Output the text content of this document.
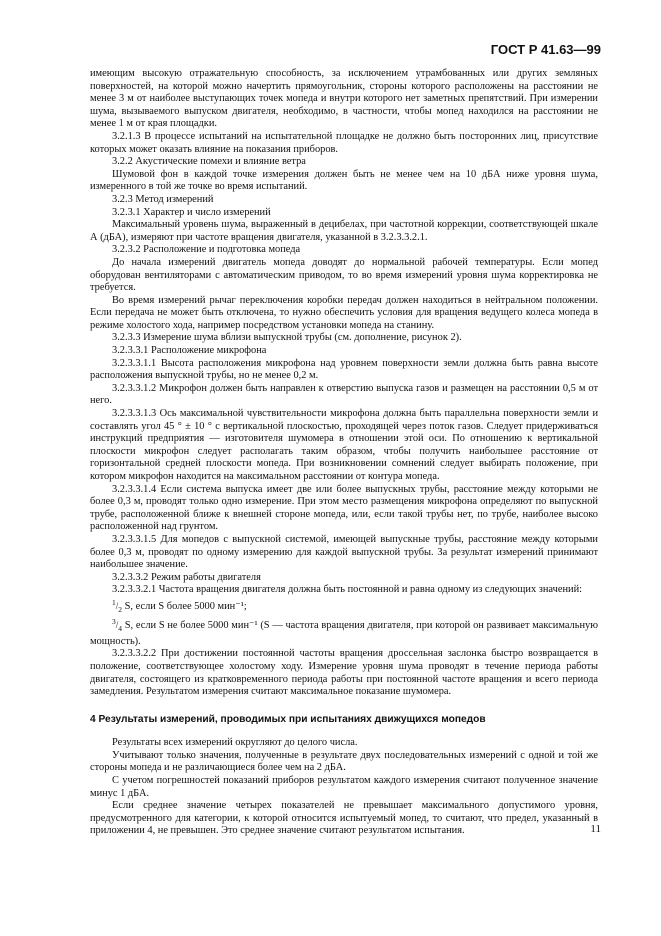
ГОСТ Р 41.63—99

имеющим высокую отражательную способность, за исключением утрамбованных или других земляных поверхностей, на которой можно начертить прямоугольник, стороны которого расположены на расстоянии не менее 3 м от наиболее выступающих точек мопеда и внутри которого нет заметных препятствий. При измерении шума, вызываемого выпуском двигателя, необходимо, в частности, чтобы мопед находился на расстоянии не менее 1 м от края площадки.

3.2.1.3 В процессе испытаний на испытательной площадке не должно быть посторонних лиц, присутствие которых может оказать влияние на показания приборов.

3.2.2 Акустические помехи и влияние ветра

Шумовой фон в каждой точке измерения должен быть не менее чем на 10 дБА ниже уровня шума, измеренного в той же точке во время испытаний.

3.2.3 Метод измерений

3.2.3.1 Характер и число измерений

Максимальный уровень шума, выраженный в децибелах, при частотной коррекции, соответствующей шкале А (дБА), измеряют при частоте вращения двигателя, указанной в 3.2.3.3.2.1.

3.2.3.2 Расположение и подготовка мопеда

До начала измерений двигатель мопеда доводят до нормальной рабочей температуры. Если мопед оборудован вентиляторами с автоматическим приводом, то во время измерений уровня шума корректировка не требуется.

Во время измерений рычаг переключения коробки передач должен находиться в нейтральном положении. Если передача не может быть отключена, то нужно обеспечить условия для вращения ведущего колеса мопеда в режиме холостого хода, например посредством установки мопеда на станину.

3.2.3.3 Измерение шума вблизи выпускной трубы (см. дополнение, рисунок 2).

3.2.3.3.1 Расположение микрофона

3.2.3.3.1.1 Высота расположения микрофона над уровнем поверхности земли должна быть равна высоте расположения выпускной трубы, но не менее 0,2 м.

3.2.3.3.1.2 Микрофон должен быть направлен к отверстию выпуска газов и размещен на расстоянии 0,5 м от него.

3.2.3.3.1.3 Ось максимальной чувствительности микрофона должна быть параллельна поверхности земли и составлять угол 45 ° ± 10 ° с вертикальной плоскостью, проходящей через поток газов. Следует придерживаться инструкций предприятия — изготовителя шумомера в отношении этой оси. По отношению к вертикальной плоскости микрофон следует располагать таким образом, чтобы получить наибольшее расстояние от горизонтальной средней плоскости мопеда. При возникновении сомнений следует выбирать положение, при котором микрофон находится на максимальном расстоянии от контура мопеда.

3.2.3.3.1.4 Если система выпуска имеет две или более выпускных трубы, расстояние между которыми не более 0,3 м, проводят только одно измерение. При этом место размещения микрофона определяют по выпускной трубе, расположенной ближе к внешней стороне мопеда, или, если такой трубы нет, по трубе, наиболее высоко расположенной над грунтом.

3.2.3.3.1.5 Для мопедов с выпускной системой, имеющей выпускные трубы, расстояние между которыми более 0,3 м, проводят по одному измерению для каждой выпускной трубы. За результат измерений принимают наибольшее значение.

3.2.3.3.2 Режим работы двигателя

3.2.3.3.2.1 Частота вращения двигателя должна быть постоянной и равна одному из следующих значений:

$^1/_2$ S, если S более 5000 мин⁻¹;

$^3/_4$ S, если S не более 5000 мин⁻¹ (S — частота вращения двигателя, при которой он развивает максимальную мощность).

3.2.3.3.2.2 При достижении постоянной частоты вращения дроссельная заслонка быстро возвращается в положение, соответствующее холостому ходу. Измерение уровня шума проводят в течение периода работы двигателя, состоящего из кратковременного периода работы при постоянной частоте вращения и всего периода замедления. Результатом измерения считают максимальное показание шумомера.

4 Результаты измерений, проводимых при испытаниях движущихся мопедов

Результаты всех измерений округляют до целого числа.

Учитывают только значения, полученные в результате двух последовательных измерений с одной и той же стороны мопеда и не различающиеся более чем на 2 дБА.

С учетом погрешностей показаний приборов результатом каждого измерения считают полученное значение минус 1 дБА.

Если среднее значение четырех показателей не превышает максимального допустимого уровня, предусмотренного для категории, к которой относится испытуемый мопед, то считают, что предел, указанный в приложении 4, не превышен. Это среднее значение считают результатом испытания.	11
